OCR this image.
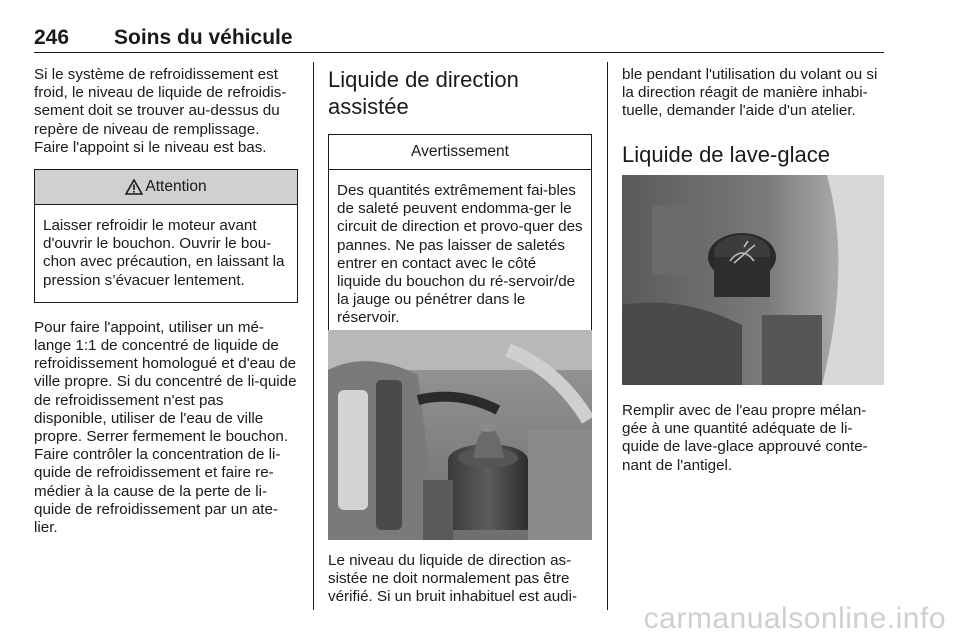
246 Soins du véhicule

Si le système de refroidissement est froid, le niveau de liquide de refroidis-sement doit se trouver au-dessus du repère de niveau de remplissage. Faire l'appoint si le niveau est bas.

Attention
Laisser refroidir le moteur avant d'ouvrir le bouchon. Ouvrir le bou-chon avec précaution, en laissant la pression s’évacuer lentement.

Pour faire l'appoint, utiliser un mé-lange 1:1 de concentré de liquide de refroidissement homologué et d'eau de ville propre. Si du concentré de li-quide de refroidissement n'est pas disponible, utiliser de l'eau de ville propre. Serrer fermement le bouchon. Faire contrôler la concentration de li-quide de refroidissement et faire re-médier à la cause de la perte de li-quide de refroidissement par un ate-lier.

Liquide de direction assistée
Avertissement
Des quantités extrêmement fai-bles de saleté peuvent endomma-ger le circuit de direction et provo-quer des pannes. Ne pas laisser de saletés entrer en contact avec le côté liquide du bouchon du ré-servoir/de la jauge ou pénétrer dans le réservoir.

Le niveau du liquide de direction as-sistée ne doit normalement pas être vérifié. Si un bruit inhabituel est audi-

ble pendant l'utilisation du volant ou si la direction réagit de manière inhabi-tuelle, demander l'aide d'un atelier.

Liquide de lave-glace

Remplir avec de l'eau propre mélan-gée à une quantité adéquate de li-quide de lave-glace approuvé conte-nant de l'antigel.

carmanualsonline.info
